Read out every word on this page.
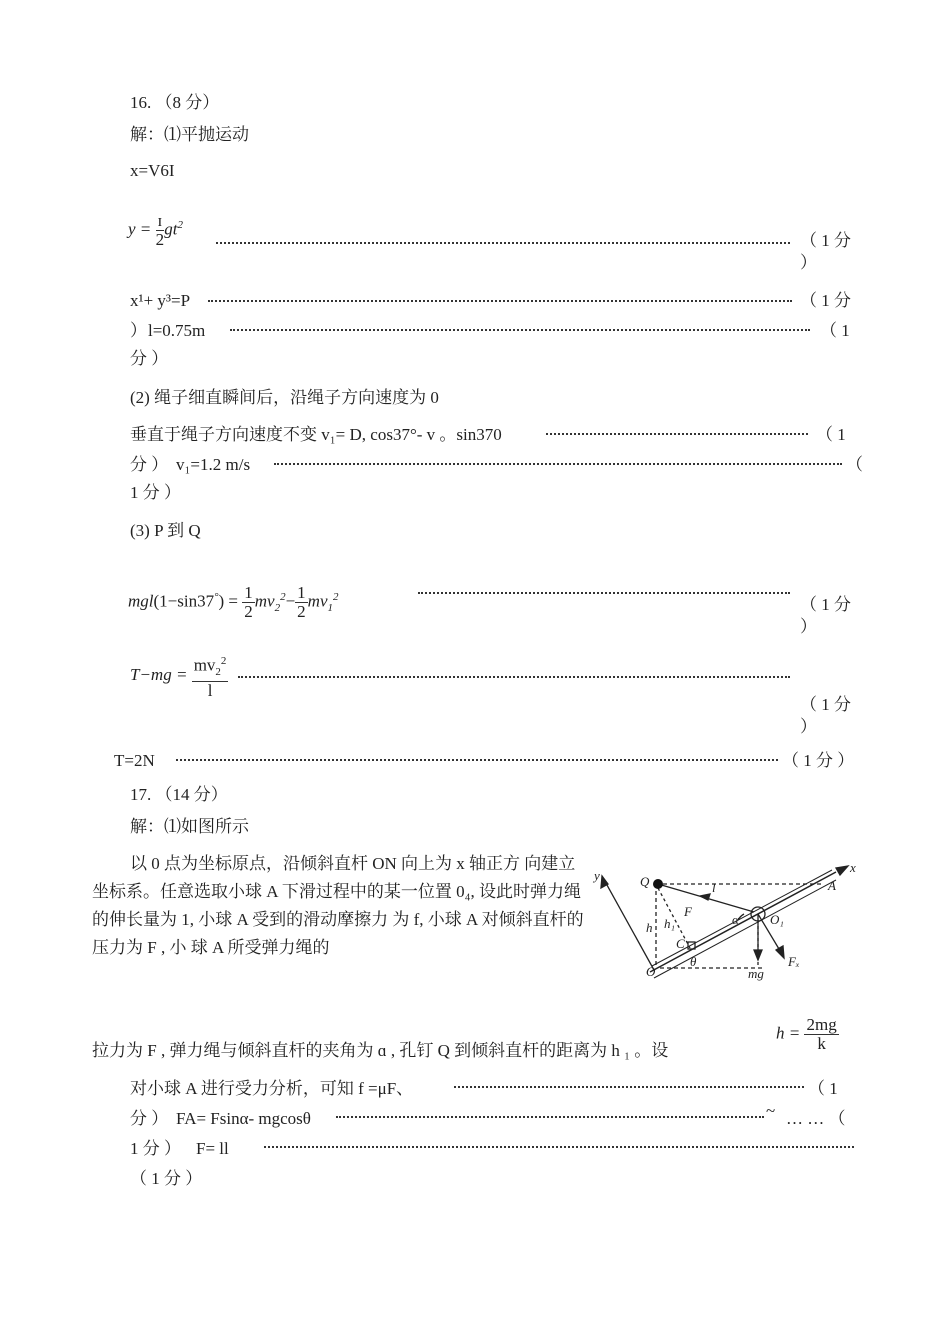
16. （8 分）
解：⑴平抛运动
x=V6I
$y = \frac{\text{ɪ}}{2} gt^2$
（ 1 分
）
x¹+ y³=P	（ 1 分
） l=0.75m	（ 1
分 ）
(2) 绳子细直瞬间后，沿绳子方向速度为 0
垂直于绳子方向速度不变 v₁= D, cos37°- v 。sin370	（ 1
分 ） v₁=1.2 m/s	（
1 分 ）
(3) P 到 Q
$mgl(1-\sin 37^\circ) = \frac{1}{2} mv_2^2- \frac{1}{2} mv_1^2$	（ 1 分
）
$T-mg = \frac{mv_2^2}{l}$
（ 1 分
）
T=2N	（ 1 分 ）
17. （14 分）
解：⑴如图所示
以 0 点为坐标原点，沿倾斜直杆 ON 向上为 x 轴正方 向建立坐标系。任意选取小球 A 下滑过程中的某一位置 0₄, 设此时弹力绳的伸长量为 1, 小球 A 受到的滑动摩擦力 为 f, 小球 A 对倾斜直杆的压力为 F , 小 球 A 所受弹力绳的
y	Q	l
x
A
F
α O₁
h h₁
C
θ
O	mg
Fₓ
拉力为 F , 弹力绳与倾斜直杆的夹角为 ɑ , 孔钉 Q 到倾斜直杆的距离为 h ₁ 。设
$h = \frac{2mg}{k}$
对小球 A 进行受力分析，可知 f =μF、	（ 1
分 ） FA= Fsinα- mgcosθ	~ … … （
1 分 ） F= ll
（ 1 分 ）
